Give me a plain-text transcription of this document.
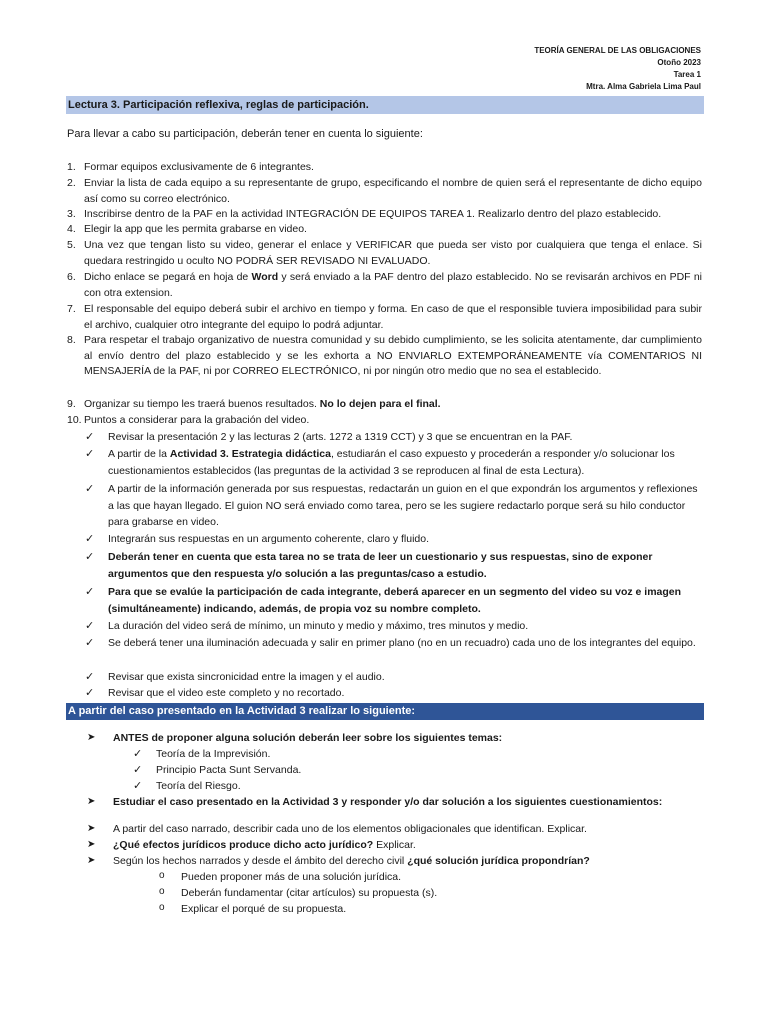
TEORÍA GENERAL DE LAS OBLIGACIONES
Otoño 2023
Tarea 1
Mtra. Alma Gabriela Lima Paul
Lectura 3. Participación reflexiva, reglas de participación.
Para llevar a cabo su participación, deberán tener en cuenta lo siguiente:
1. Formar equipos exclusivamente de 6 integrantes.
2. Enviar la lista de cada equipo a su representante de grupo, especificando el nombre de quien será el representante de dicho equipo así como su correo electrónico.
3. Inscribirse dentro de la PAF en la actividad INTEGRACIÓN DE EQUIPOS TAREA 1. Realizarlo dentro del plazo establecido.
4. Elegir la app que les permita grabarse en video.
5. Una vez que tengan listo su video, generar el enlace y VERIFICAR que pueda ser visto por cualquiera que tenga el enlace. Si quedara restringido u oculto NO PODRÁ SER REVISADO NI EVALUADO.
6. Dicho enlace se pegará en hoja de Word y será enviado a la PAF dentro del plazo establecido. No se revisarán archivos en PDF ni con otra extension.
7. El responsable del equipo deberá subir el archivo en tiempo y forma. En caso de que el responsible tuviera imposibilidad para subir el archivo, cualquier otro integrante del equipo lo podrá adjuntar.
8. Para respetar el trabajo organizativo de nuestra comunidad y su debido cumplimiento, se les solicita atentamente, dar cumplimiento al envío dentro del plazo establecido y se les exhorta a NO ENVIARLO EXTEMPORÁNEAMENTE vía COMENTARIOS NI MENSAJERÍA de la PAF, ni por CORREO ELECTRÓNICO, ni por ningún otro medio que no sea el establecido.
9. Organizar su tiempo les traerá buenos resultados. No lo dejen para el final.
10. Puntos a considerar para la grabación del video.
✓ Revisar la presentación 2 y las lecturas 2 (arts. 1272 a 1319 CCT) y 3 que se encuentran en la PAF.
✓ A partir de la Actividad 3. Estrategia didáctica, estudiarán el caso expuesto y procederán a responder y/o solucionar los cuestionamientos establecidos (las preguntas de la actividad 3 se reproducen al final de esta Lectura).
✓ A partir de la información generada por sus respuestas, redactarán un guion en el que expondrán los argumentos y reflexiones a las que hayan llegado. El guion NO será enviado como tarea, pero se les sugiere redactarlo porque será su hilo conductor para grabarse en video.
✓ Integrarán sus respuestas en un argumento coherente, claro y fluido.
✓ Deberán tener en cuenta que esta tarea no se trata de leer un cuestionario y sus respuestas, sino de exponer argumentos que den respuesta y/o solución a las preguntas/caso a estudio.
✓ Para que se evalúe la participación de cada integrante, deberá aparecer en un segmento del video su voz e imagen (simultáneamente) indicando, además, de propia voz su nombre completo.
✓ La duración del video será de mínimo, un minuto y medio y máximo, tres minutos y medio.
✓ Se deberá tener una iluminación adecuada y salir en primer plano (no en un recuadro) cada uno de los integrantes del equipo.
✓ Revisar que exista sincronicidad entre la imagen y el audio.
✓ Revisar que el video este completo y no recortado.
A partir del caso presentado en la Actividad 3 realizar lo siguiente:
➤ ANTES de proponer alguna solución deberán leer sobre los siguientes temas:
✓ Teoría de la Imprevisión.
✓ Principio Pacta Sunt Servanda.
✓ Teoría del Riesgo.
➤ Estudiar el caso presentado en la Actividad 3 y responder y/o dar solución a los siguientes cuestionamientos:
➤ A partir del caso narrado, describir cada uno de los elementos obligacionales que identifican. Explicar.
➤ ¿Qué efectos jurídicos produce dicho acto jurídico? Explicar.
➤ Según los hechos narrados y desde el ámbito del derecho civil ¿qué solución jurídica propondrían?
o Pueden proponer más de una solución jurídica.
o Deberán fundamentar (citar artículos) su propuesta (s).
o Explicar el porqué de su propuesta.
